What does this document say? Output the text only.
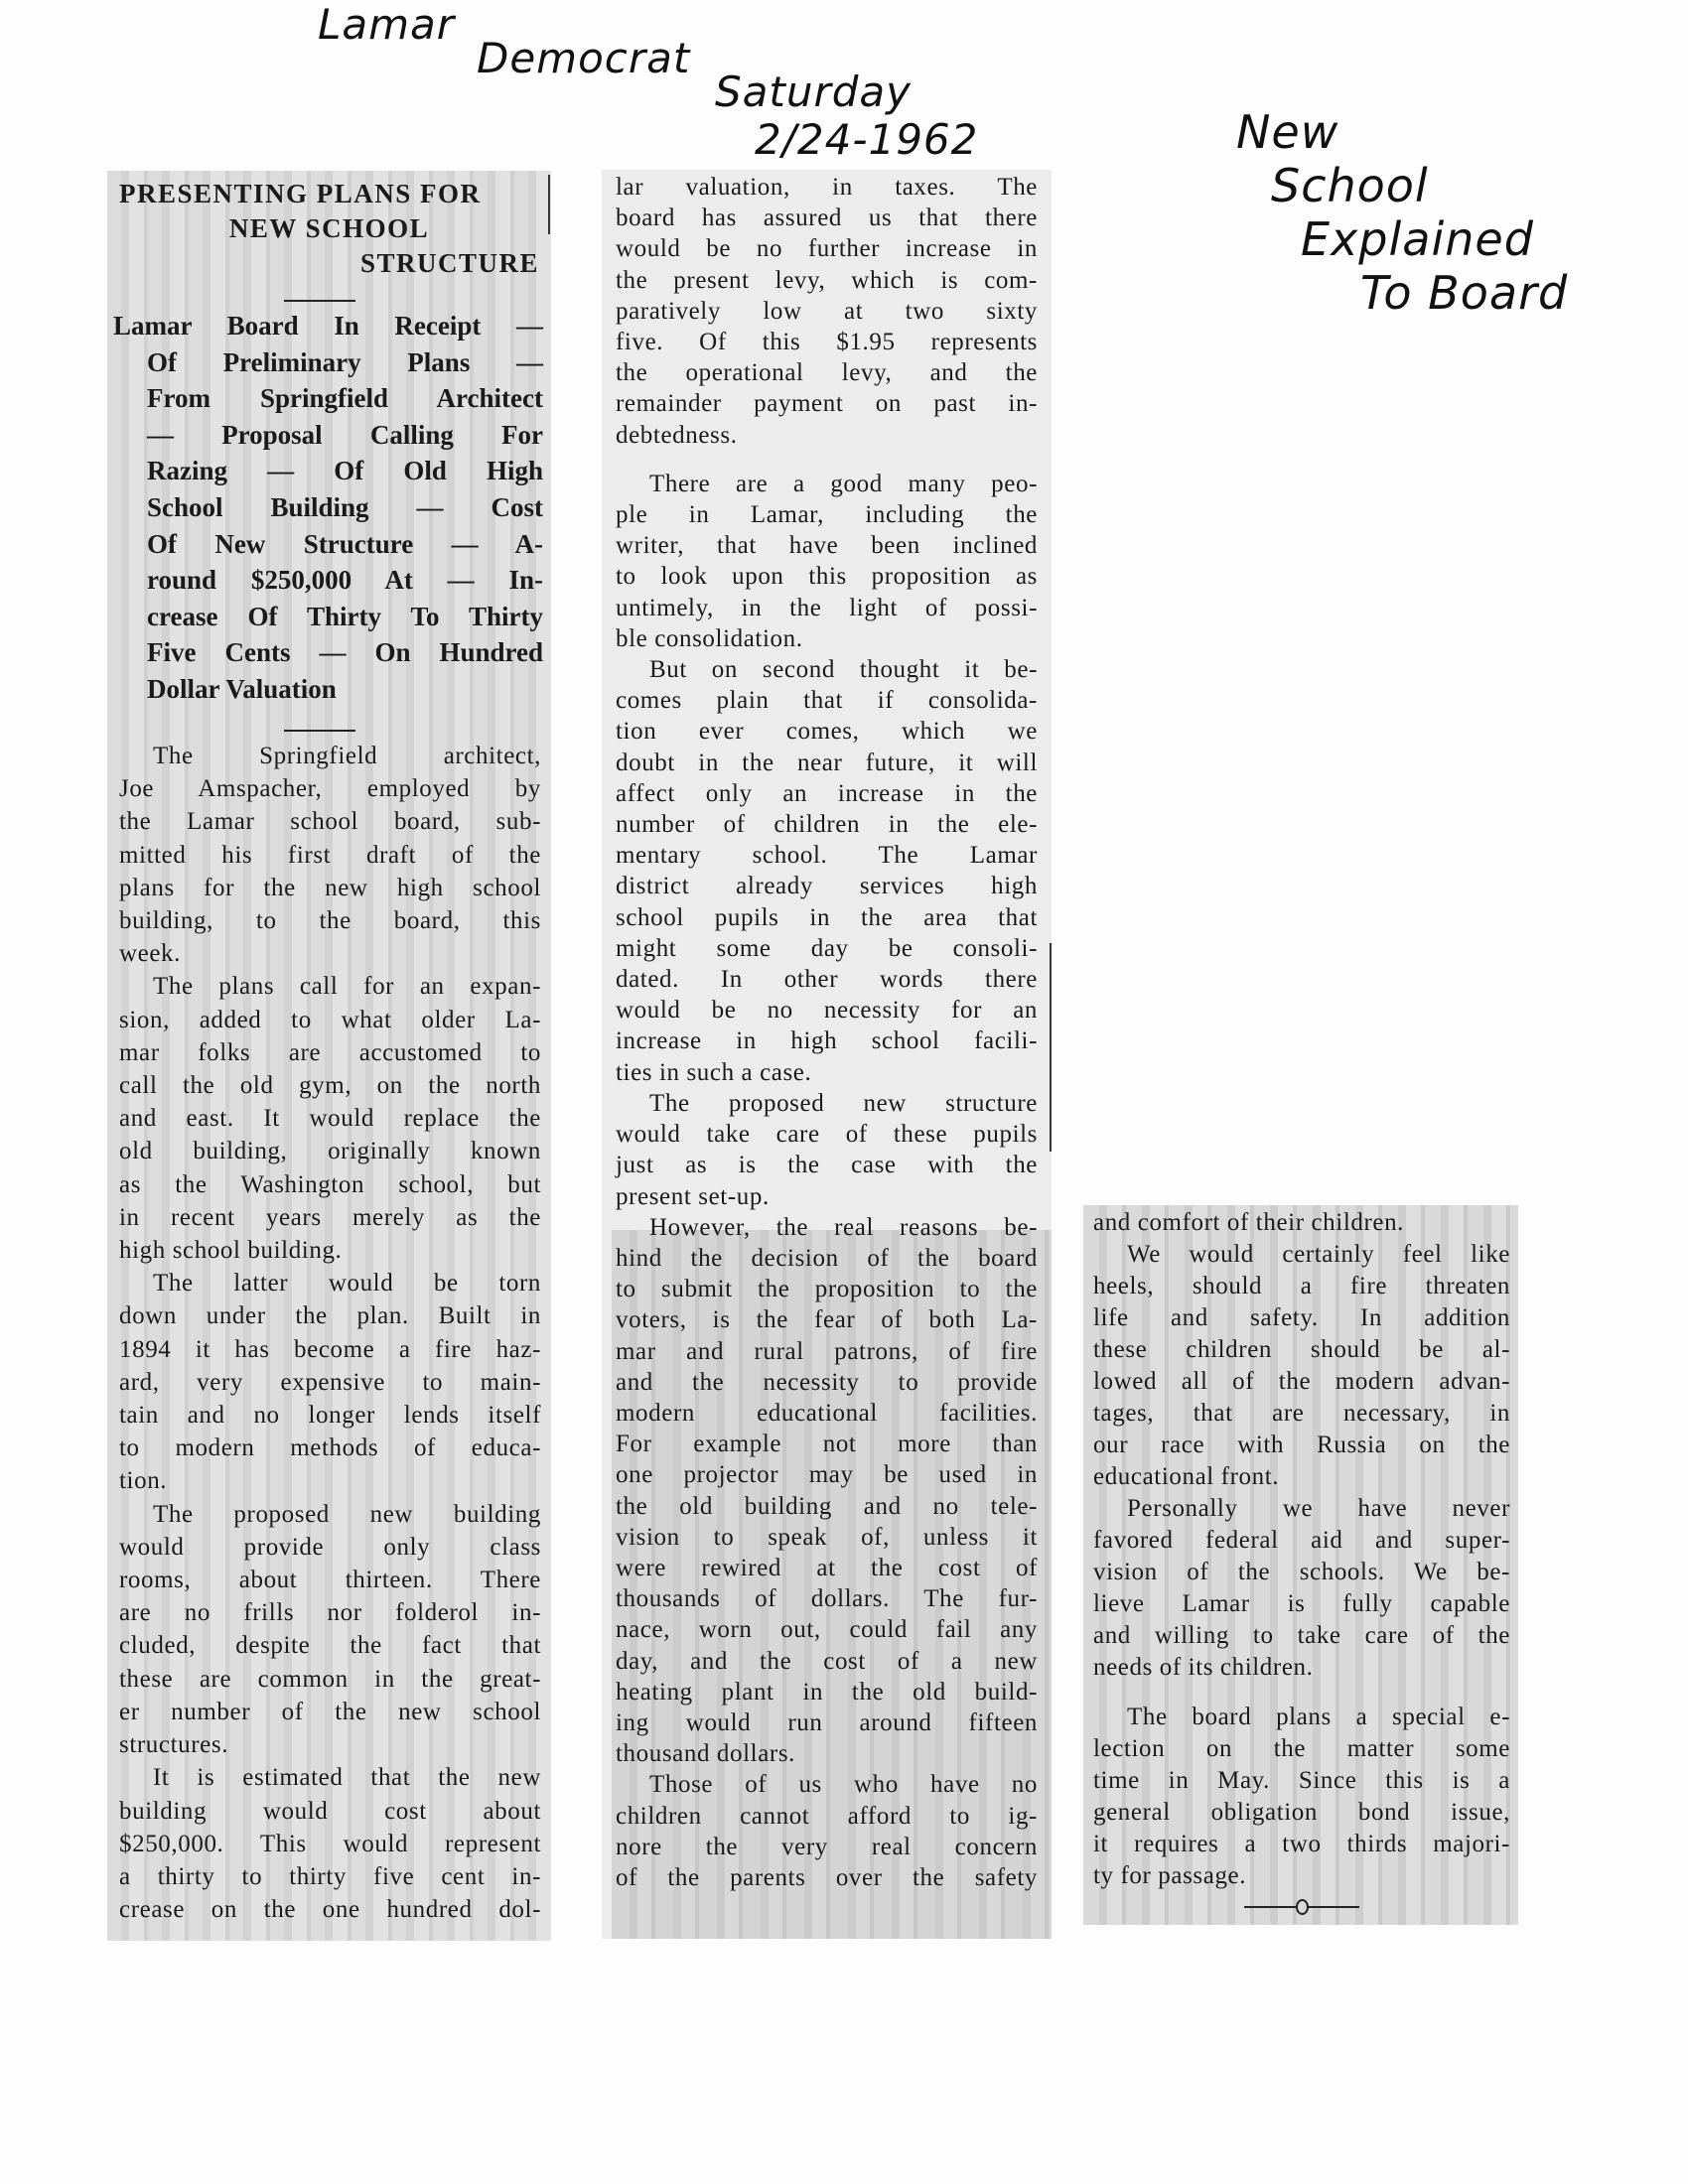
Lamar
Democrat
Saturday
2/24-1962	New
School
Explained
To Board
PRESENTING PLANS FOR
NEW SCHOOL
STRUCTURE
Lamar Board In Receipt —
Of Preliminary Plans —
From Springfield Architect
— Proposal Calling For
Razing — Of Old High
School Building — Cost
Of New Structure — A-
round $250,000 At — In-
crease Of Thirty To Thirty
Five Cents — On Hundred
Dollar Valuation
The Springfield architect,
Joe Amspacher, employed by
the Lamar school board, sub-
mitted his first draft of the
plans for the new high school
building, to the board, this
week.
The plans call for an expan-
sion, added to what older La-
mar folks are accustomed to
call the old gym, on the north
and east. It would replace the
old building, originally known
as the Washington school, but
in recent years merely as the
high school building.
The latter would be torn
down under the plan. Built in
1894 it has become a fire haz-
ard, very expensive to main-
tain and no longer lends itself
to modern methods of educa-
tion.
The proposed new building
would provide only class
rooms, about thirteen. There
are no frills nor folderol in-
cluded, despite the fact that
these are common in the great-
er number of the new school
structures.
It is estimated that the new
building would cost about
$250,000. This would represent
a thirty to thirty five cent in-
crease on the one hundred dol-
lar valuation, in taxes. The
board has assured us that there
would be no further increase in
the present levy, which is com-
paratively low at two sixty
five. Of this $1.95 represents
the operational levy, and the
remainder payment on past in-
debtedness.
There are a good many peo-
ple in Lamar, including the
writer, that have been inclined
to look upon this proposition as
untimely, in the light of possi-
ble consolidation.
But on second thought it be-
comes plain that if consolida-
tion ever comes, which we
doubt in the near future, it will
affect only an increase in the
number of children in the ele-
mentary school. The Lamar
district already services high
school pupils in the area that
might some day be consoli-
dated. In other words there
would be no necessity for an
increase in high school facili-
ties in such a case.
The proposed new structure
would take care of these pupils
just as is the case with the
present set-up.
However, the real reasons be-
hind the decision of the board
to submit the proposition to the
voters, is the fear of both La-
mar and rural patrons, of fire
and the necessity to provide
modern educational facilities.
For example not more than
one projector may be used in
the old building and no tele-
vision to speak of, unless it
were rewired at the cost of
thousands of dollars. The fur-
nace, worn out, could fail any
day, and the cost of a new
heating plant in the old build-
ing would run around fifteen
thousand dollars.
Those of us who have no
children cannot afford to ig-
nore the very real concern
of the parents over the safety
and comfort of their children.
We would certainly feel like
heels, should a fire threaten
life and safety. In addition
these children should be al-
lowed all of the modern advan-
tages, that are necessary, in
our race with Russia on the
educational front.
Personally we have never
favored federal aid and super-
vision of the schools. We be-
lieve Lamar is fully capable
and willing to take care of the
needs of its children.
The board plans a special e-
lection on the matter some
time in May. Since this is a
general obligation bond issue,
it requires a two thirds majori-
ty for passage.
